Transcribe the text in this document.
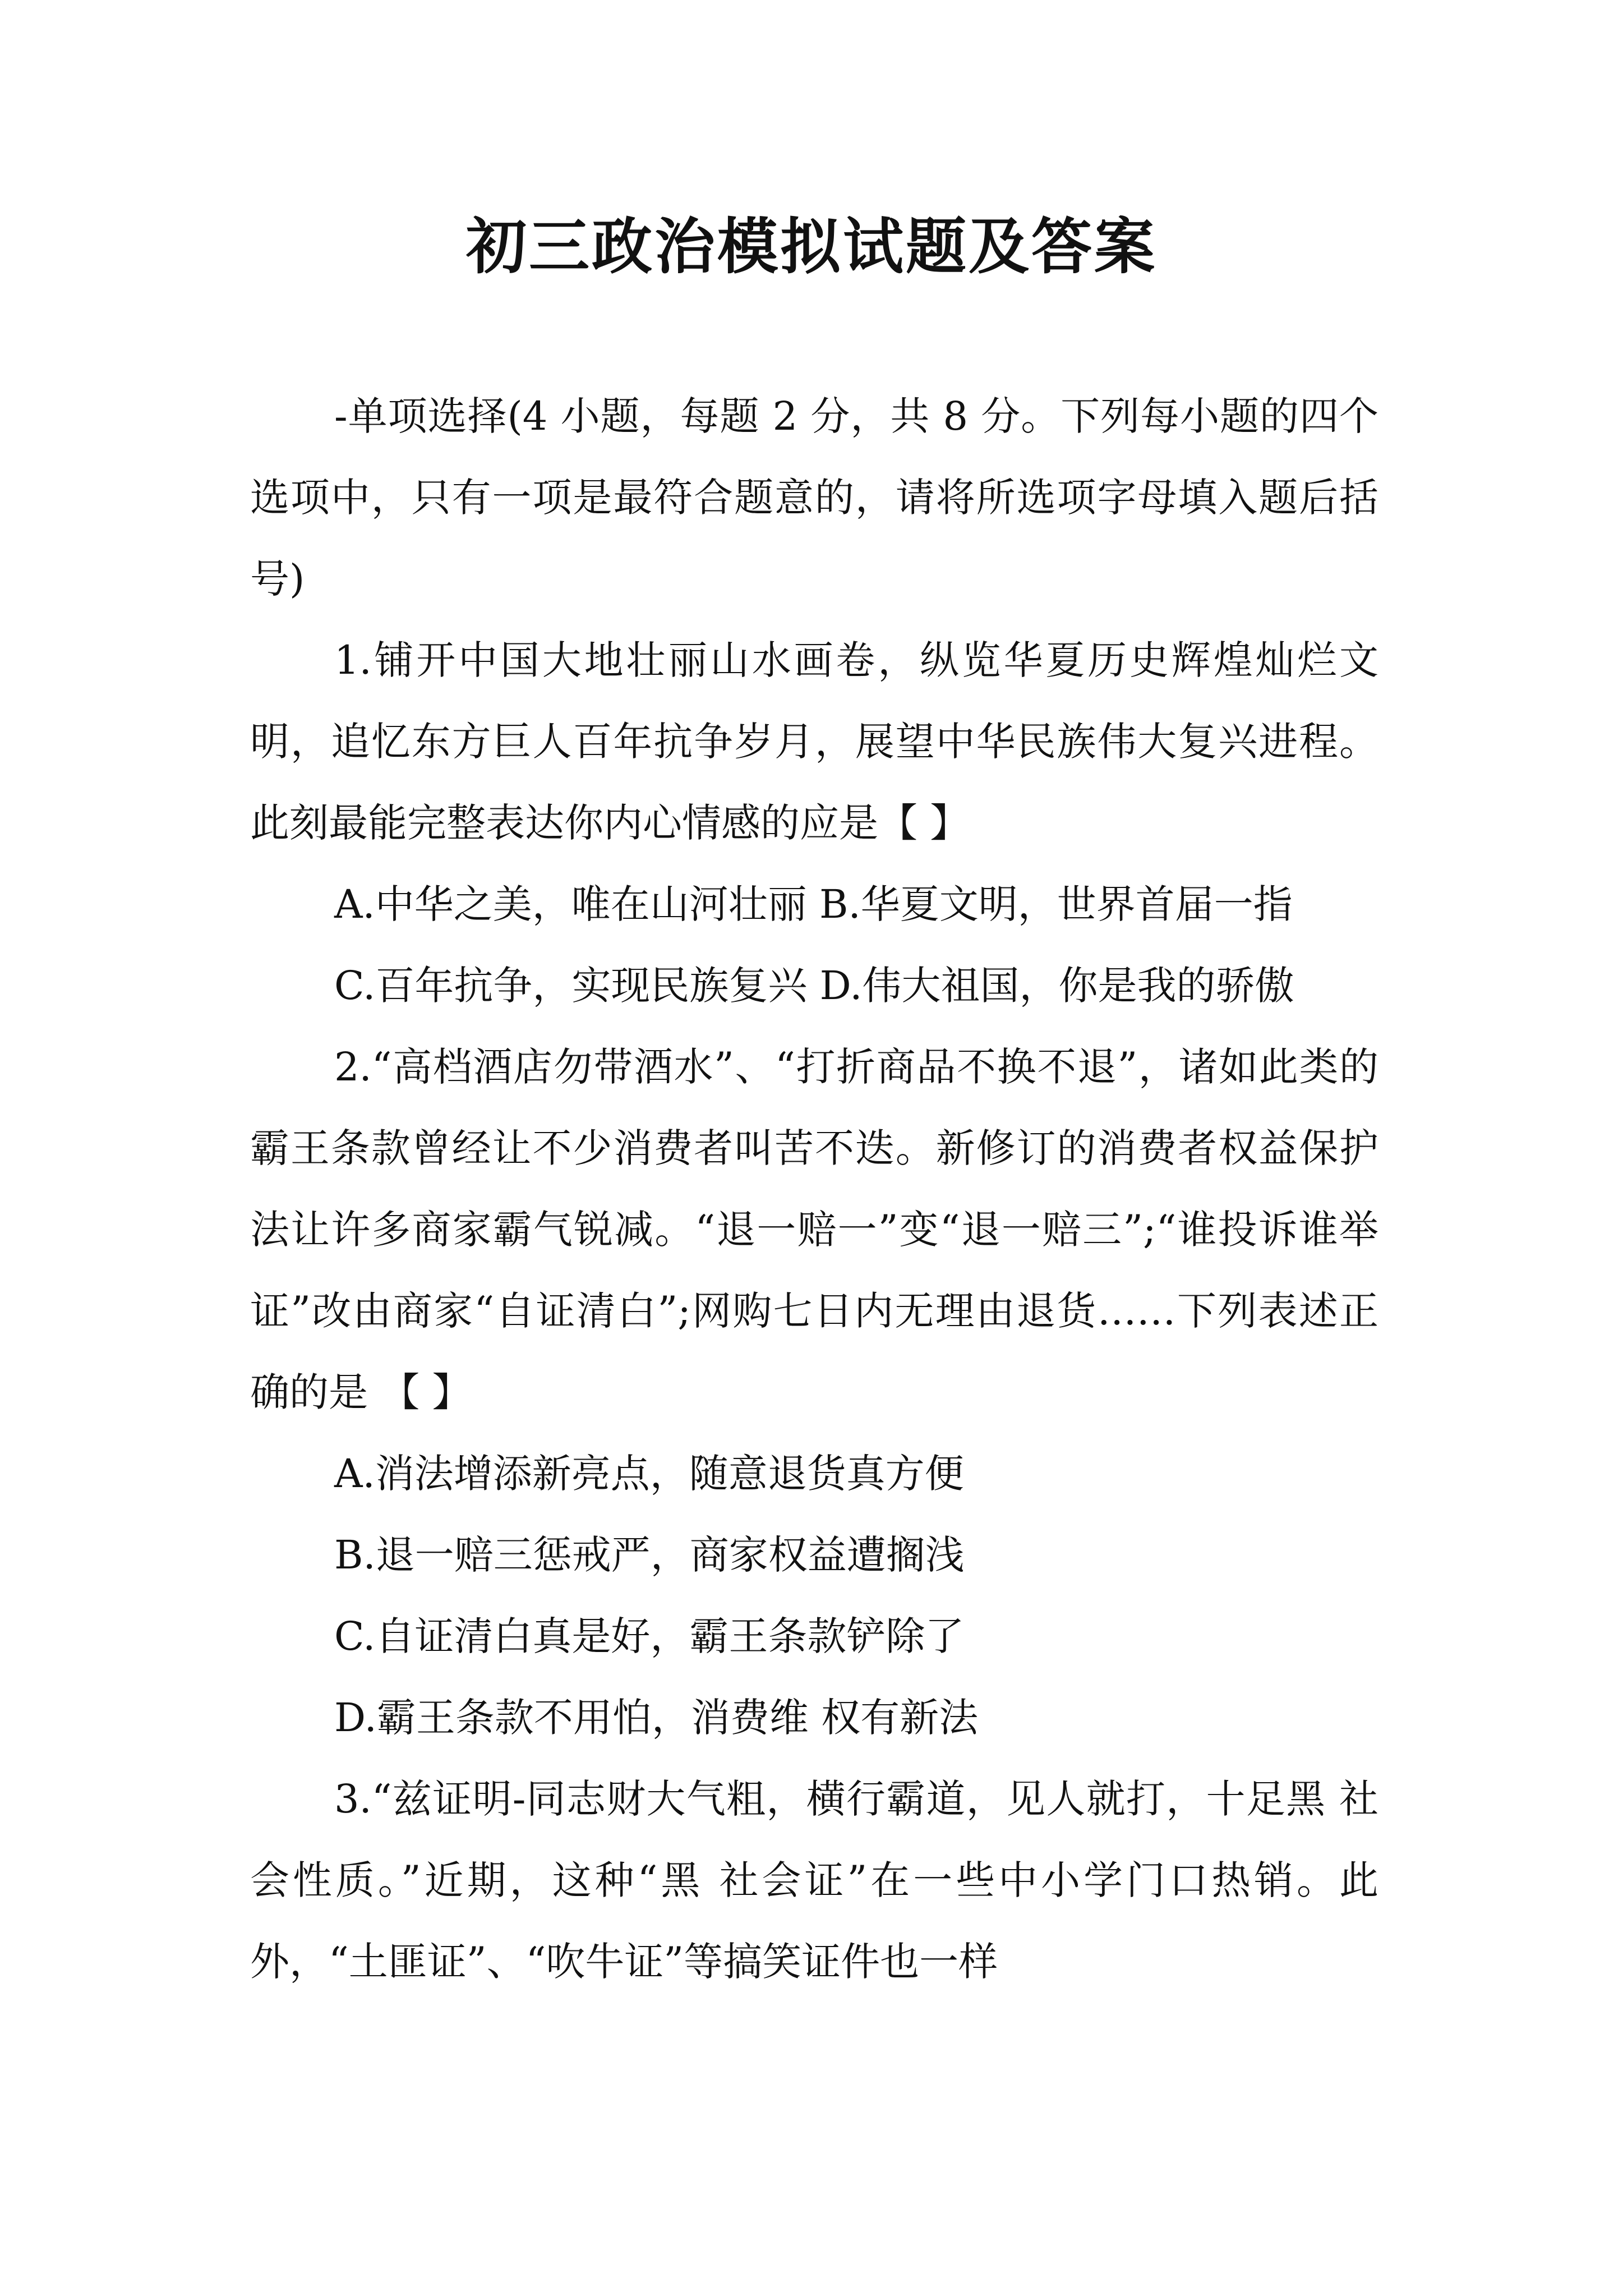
初三政治模拟试题及答案

-单项选择(4 小题，每题 2 分，共 8 分。下列每小题的四个选项中，只有一项是最符合题意的，请将所选项字母填入题后括号)

1.铺开中国大地壮丽山水画卷，纵览华夏历史辉煌灿烂文明，追忆东方巨人百年抗争岁月，展望中华民族伟大复兴进程。此刻最能完整表达你内心情感的应是【 】

A.中华之美，唯在山河壮丽 B.华夏文明，世界首届一指

C.百年抗争，实现民族复兴 D.伟大祖国，你是我的骄傲

2.“高档酒店勿带酒水”、“打折商品不换不退”，诸如此类的霸王条款曾经让不少消费者叫苦不迭。新修订的消费者权益保护 法让许多商家霸气锐减。“退一赔一”变“退一赔三”;“谁投诉谁举证”改由商家“自证清白”;网购七日内无理由退货……下列表述正确的是 【 】

A.消法增添新亮点，随意退货真方便

B.退一赔三惩戒严，商家权益遭搁浅

C.自证清白真是好，霸王条款铲除了

D.霸王条款不用怕，消费维 权有新法

3.“兹证明-同志财大气粗，横行霸道，见人就打，十足黑 社会性质。”近期，这种“黑 社会证”在一些中小学门口热销。此外，“土匪证”、“吹牛证”等搞笑证件也一样
